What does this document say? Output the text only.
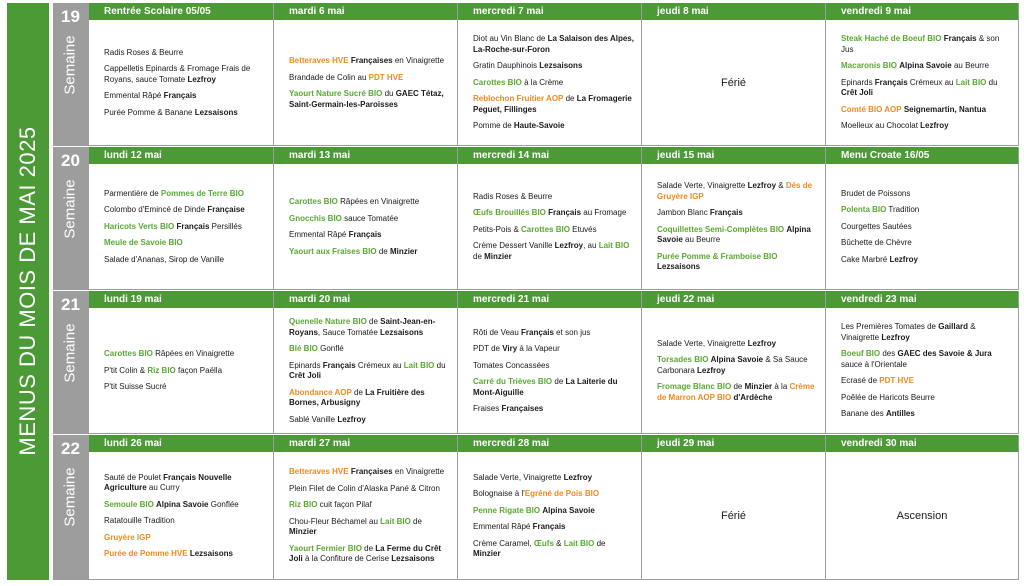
MENUS DU MOIS DE MAI 2025
19
Semaine
Rentrée Scolaire 05/05
Radis Roses & Beurre
Cappelletis Epinards & Fromage Frais de Royans, sauce Tomate Lezfroy
Emmental Râpé Français
Purée Pomme & Banane Lezsaisons
mardi 6 mai
Betteraves HVE Françaises en Vinaigrette
Brandade de Colin au PDT HVE
Yaourt Nature Sucré BIO du GAEC Tétaz, Saint-Germain-les-Paroisses
mercredi 7 mai
Diot au Vin Blanc de La Salaison des Alpes, La-Roche-sur-Foron
Gratin Dauphinois Lezsaisons
Carottes BIO à la Crème
Reblochon Fruitier AOP de La Fromagerie Peguet, Fillinges
Pomme de Haute-Savoie
jeudi 8 mai
Férié
vendredi 9 mai
Steak Haché de Boeuf BIO Français & son Jus
Macaronis BIO Alpina Savoie au Beurre
Epinards Français Crémeux au Lait BIO du Crêt Joli
Comté BIO AOP Seignemartin, Nantua
Moelleux au Chocolat Lezfroy
20
Semaine
lundi 12 mai
Parmentière de Pommes de Terre BIO
Colombo d'Emincé de Dinde Française
Haricots Verts BIO Français Persillés
Meule de Savoie BIO
Salade d'Ananas, Sirop de Vanille
mardi 13 mai
Carottes BIO Râpées en Vinaigrette
Gnocchis BIO sauce Tomatée
Emmental Râpé Français
Yaourt aux Fraises BIO de Minzier
mercredi 14 mai
Radis Roses & Beurre
Œufs Brouillés BIO Français au Fromage
Petits-Pois & Carottes BIO Etuvés
Crème Dessert Vanille Lezfroy, au Lait BIO de Minzier
jeudi 15 mai
Salade Verte, Vinaigrette Lezfroy & Dés de Gruyère IGP
Jambon Blanc Français
Coquillettes Semi-Complètes BIO Alpina Savoie au Beurre
Purée Pomme & Framboise BIO Lezsaisons
Menu Croate 16/05
Brudet de Poissons
Polenta BIO Tradition
Courgettes Sautées
Bûchette de Chèvre
Cake Marbré Lezfroy
21
Semaine
lundi 19 mai
Carottes BIO Râpées en Vinaigrette
P'tit Colin & Riz BIO façon Paëlla
P'tit Suisse Sucré
mardi 20 mai
Quenelle Nature BIO de Saint-Jean-en-Royans, Sauce Tomatée Lezsaisons
Blé BIO Gonflé
Epinards Français Crémeux au Lait BIO du Crêt Joli
Abondance AOP de La Fruitière des Bornes, Arbusigny
Sablé Vanille Lezfroy
mercredi 21 mai
Rôti de Veau Français et son jus
PDT de Viry à la Vapeur
Tomates Concassées
Carré du Trièves BIO de La Laiterie du Mont-Aiguille
Fraises Françaises
jeudi 22 mai
Salade Verte, Vinaigrette Lezfroy
Torsades BIO Alpina Savoie & Sa Sauce Carbonara Lezfroy
Fromage Blanc BIO de Minzier à la Crème de Marron AOP BIO d'Ardèche
vendredi 23 mai
Les Premières Tomates de Gaillard & Vinaigrette Lezfroy
Boeuf BIO des GAEC des Savoie & Jura sauce à l'Orientale
Ecrasé de PDT HVE
Poêlée de Haricots Beurre
Banane des Antilles
22
Semaine
lundi 26 mai
Sauté de Poulet Français Nouvelle Agriculture au Curry
Semoule BIO Alpina Savoie Gonflée
Ratatouille Tradition
Gruyère IGP
Purée de Pomme HVE Lezsaisons
mardi 27 mai
Betteraves HVE Françaises en Vinaigrette
Plein Filet de Colin d'Alaska Pané & Citron
Riz BIO cuit façon Pilaf
Chou-Fleur Béchamel au Lait BIO de Minzier
Yaourt Fermier BIO de La Ferme du Crêt Joli à la Confiture de Cerise Lezsaisons
mercredi 28 mai
Salade Verte, Vinaigrette Lezfroy
Bolognaise à l'Egréné de Pois BIO
Penne Rigate BIO Alpina Savoie
Emmental Râpé Français
Crème Caramel, Œufs & Lait BIO de Minzier
jeudi 29 mai
Férié
vendredi 30 mai
Ascension
